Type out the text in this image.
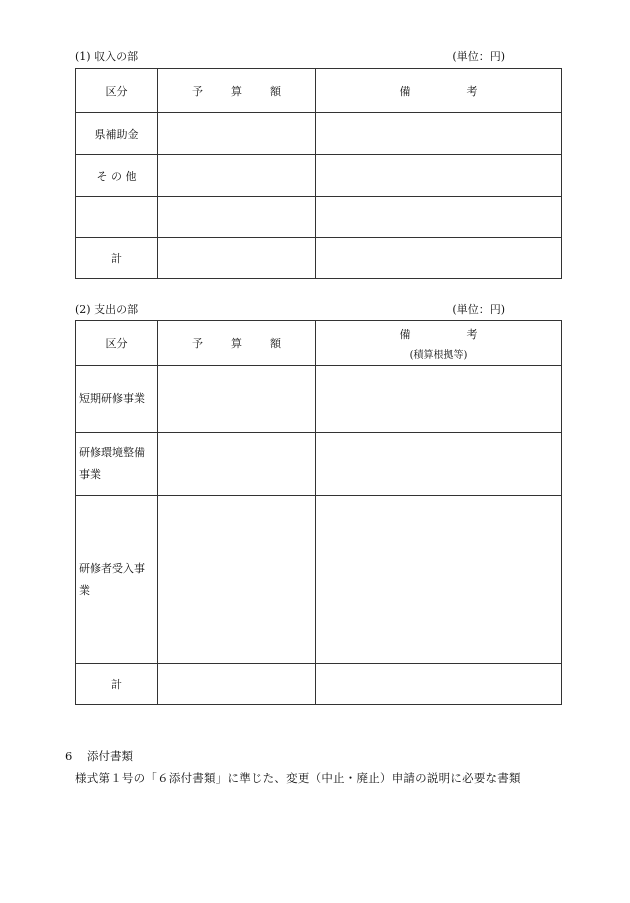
(1) 収入の部	(単位：円)
区分	予 算 額	備 考
県補助金		
そ の 他		

計		
(2) 支出の部	(単位：円)
区分	予 算 額	備 考
(積算根拠等)

短期研修事業		
研修環境整備事業		
研修者受入事業		
計		
6 添付書類
様式第１号の「６添付書類」に準じた、変更（中止・廃止）申請の説明に必要な書類
